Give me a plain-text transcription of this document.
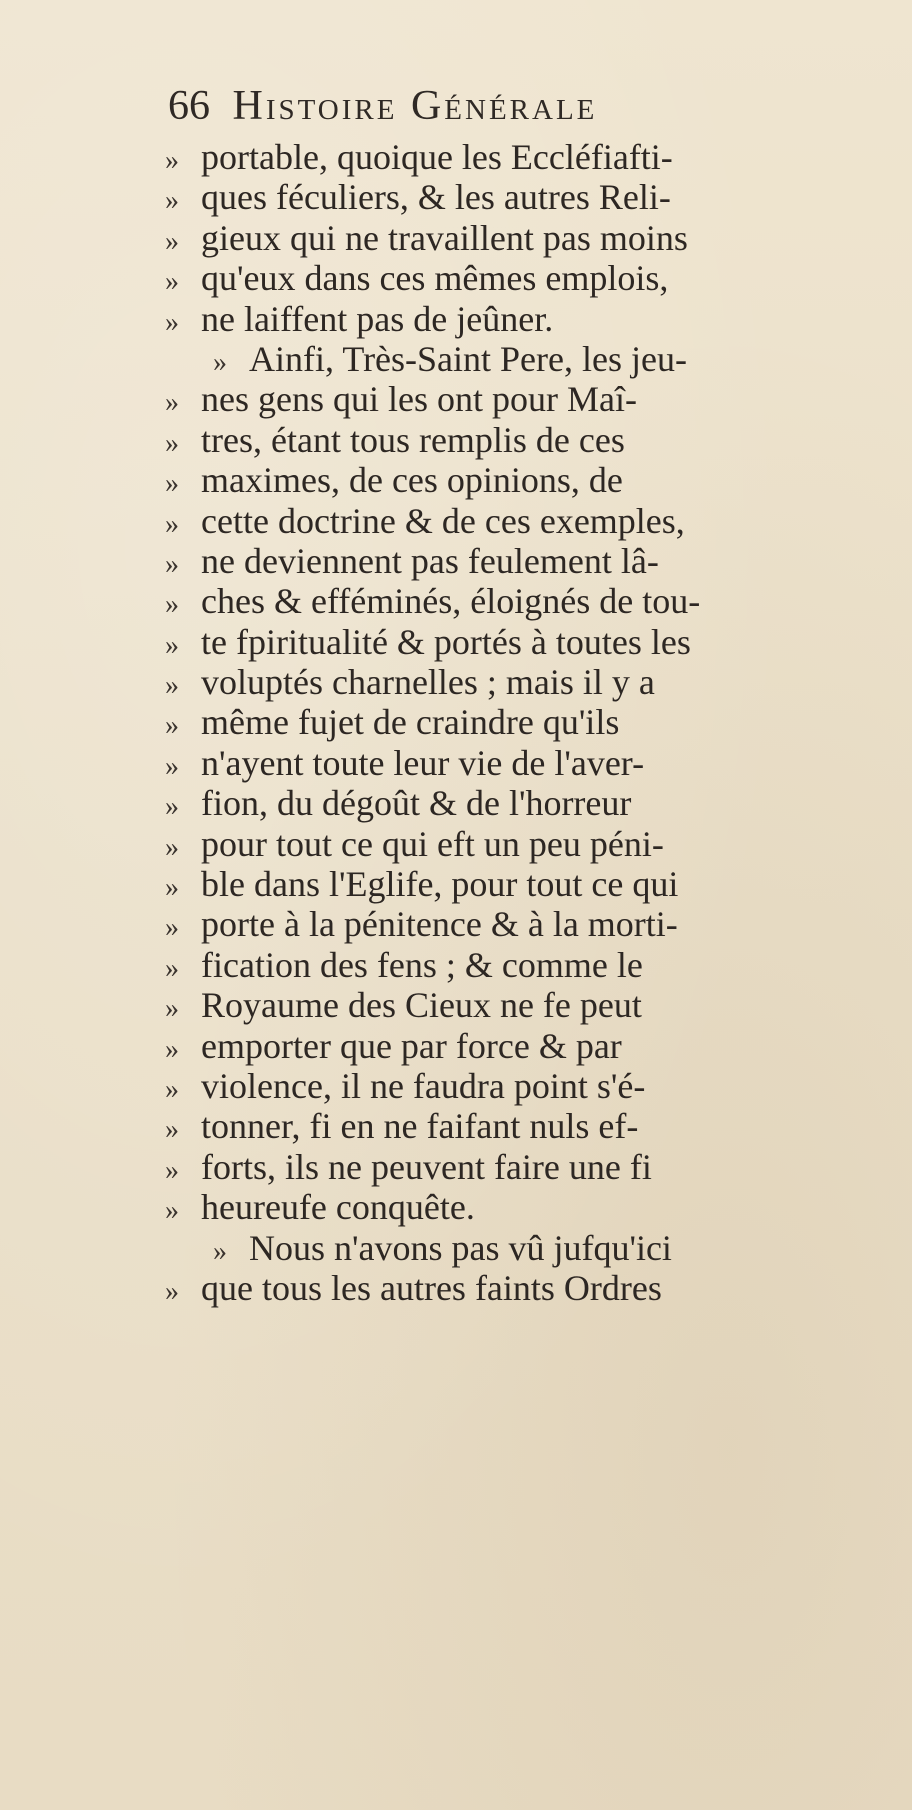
66 Histoire Générale
» portable, quoique les Eccléfiafti-
» ques féculiers, & les autres Reli-
» gieux qui ne travaillent pas moins
» qu'eux dans ces mêmes emplois,
» ne laiffent pas de jeûner.
» Ainfi, Très-Saint Pere, les jeu-
» nes gens qui les ont pour Maî-
» tres, étant tous remplis de ces
» maximes, de ces opinions, de
» cette doctrine & de ces exemples,
» ne deviennent pas feulement lâ-
» ches & efféminés, éloignés de tou-
» te fpiritualité & portés à toutes les
» voluptés charnelles ; mais il y a
» même fujet de craindre qu'ils
» n'ayent toute leur vie de l'aver-
» fion, du dégoût & de l'horreur
» pour tout ce qui eft un peu péni-
» ble dans l'Eglife, pour tout ce qui
» porte à la pénitence & à la morti-
» fication des fens ; & comme le
» Royaume des Cieux ne fe peut
» emporter que par force & par
» violence, il ne faudra point s'é-
» tonner, fi en ne faifant nuls ef-
» forts, ils ne peuvent faire une fi
» heureufe conquête.
» Nous n'avons pas vû jufqu'ici
» que tous les autres faints Ordres
